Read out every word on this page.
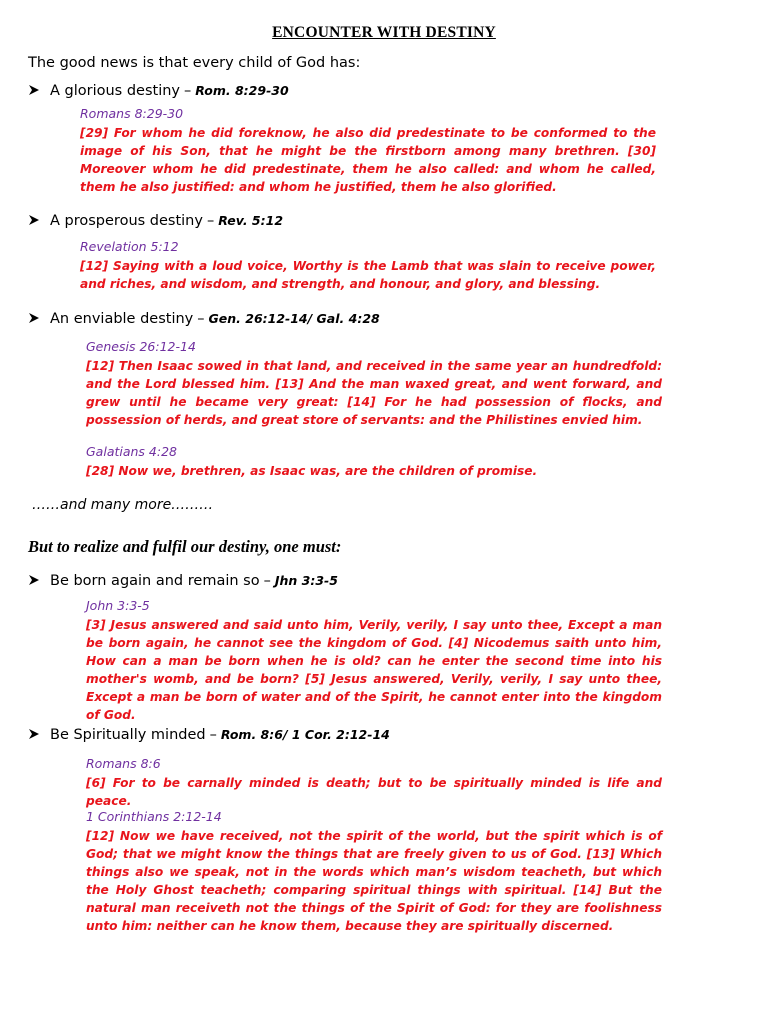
ENCOUNTER WITH DESTINY
The good news is that every child of God has:
A glorious destiny – Rom. 8:29-30
Romans 8:29-30
[29] For whom he did foreknow, he also did predestinate to be conformed to the image of his Son, that he might be the firstborn among many brethren. [30] Moreover whom he did predestinate, them he also called: and whom he called, them he also justified: and whom he justified, them he also glorified.
A prosperous destiny – Rev. 5:12
Revelation 5:12
[12] Saying with a loud voice, Worthy is the Lamb that was slain to receive power, and riches, and wisdom, and strength, and honour, and glory, and blessing.
An enviable destiny – Gen. 26:12-14/ Gal. 4:28
Genesis 26:12-14
[12] Then Isaac sowed in that land, and received in the same year an hundredfold: and the Lord blessed him. [13] And the man waxed great, and went forward, and grew until he became very great: [14] For he had possession of flocks, and possession of herds, and great store of servants: and the Philistines envied him.
Galatians 4:28
[28] Now we, brethren, as Isaac was, are the children of promise.
……and many more………
But to realize and fulfil our destiny, one must:
Be born again and remain so – Jhn 3:3-5
John 3:3-5
[3] Jesus answered and said unto him, Verily, verily, I say unto thee, Except a man be born again, he cannot see the kingdom of God. [4] Nicodemus saith unto him, How can a man be born when he is old? can he enter the second time into his mother's womb, and be born? [5] Jesus answered, Verily, verily, I say unto thee, Except a man be born of water and of the Spirit, he cannot enter into the kingdom of God.
Be Spiritually minded – Rom. 8:6/ 1 Cor. 2:12-14
Romans 8:6
[6] For to be carnally minded is death; but to be spiritually minded is life and peace.
1 Corinthians 2:12-14
[12] Now we have received, not the spirit of the world, but the spirit which is of God; that we might know the things that are freely given to us of God. [13] Which things also we speak, not in the words which man’s wisdom teacheth, but which the Holy Ghost teacheth; comparing spiritual things with spiritual. [14] But the natural man receiveth not the things of the Spirit of God: for they are foolishness unto him: neither can he know them, because they are spiritually discerned.
